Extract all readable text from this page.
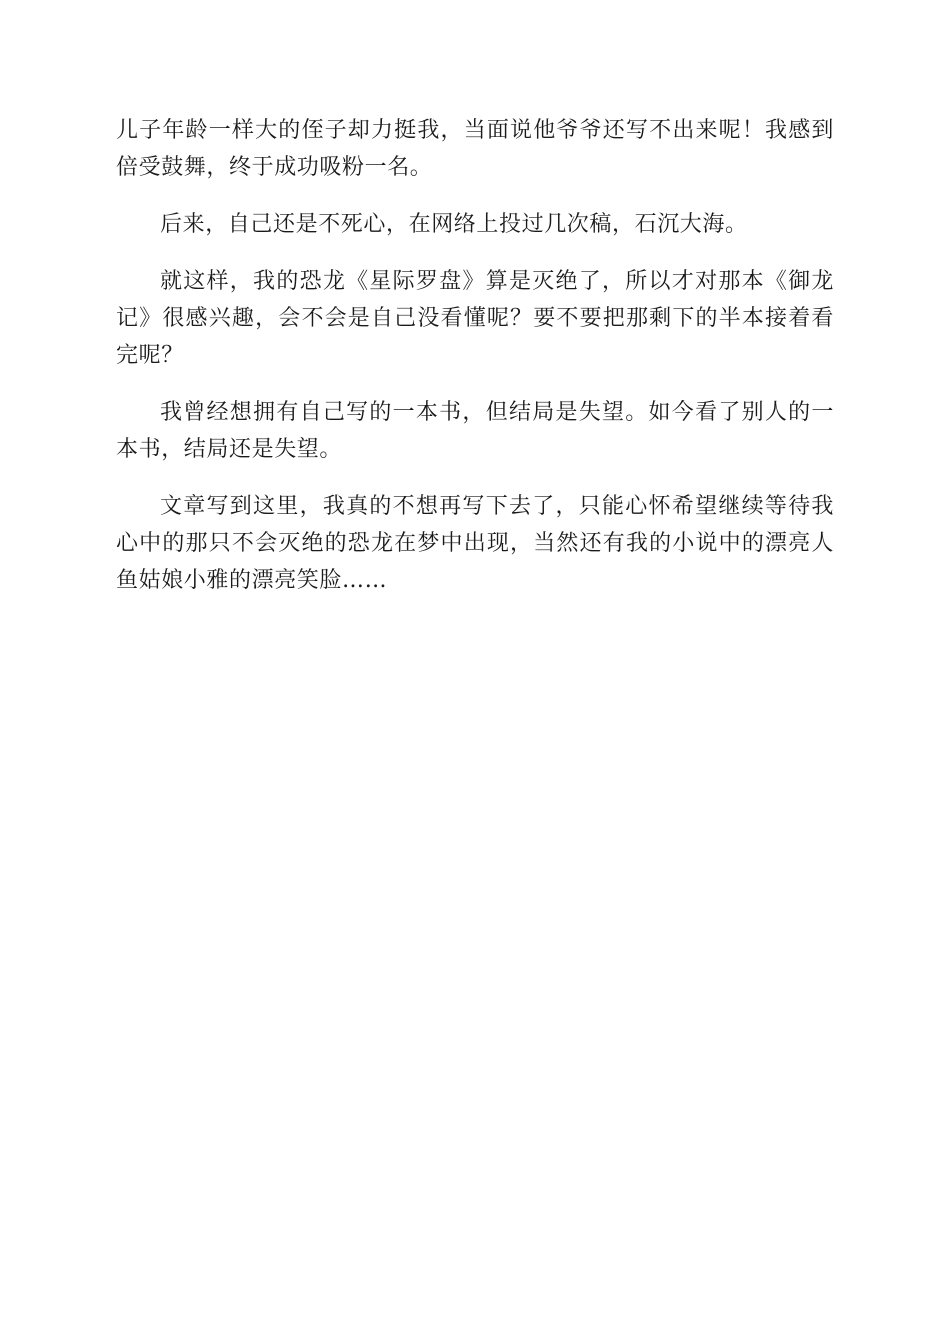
儿子年龄一样大的侄子却力挺我，当面说他爷爷还写不出来呢！我感到倍受鼓舞，终于成功吸粉一名。

后来，自己还是不死心，在网络上投过几次稿，石沉大海。

就这样，我的恐龙《星际罗盘》算是灭绝了，所以才对那本《御龙记》很感兴趣，会不会是自己没看懂呢？要不要把那剩下的半本接着看完呢？

我曾经想拥有自己写的一本书，但结局是失望。如今看了别人的一本书，结局还是失望。

文章写到这里，我真的不想再写下去了，只能心怀希望继续等待我心中的那只不会灭绝的恐龙在梦中出现，当然还有我的小说中的漂亮人鱼姑娘小雅的漂亮笑脸……
